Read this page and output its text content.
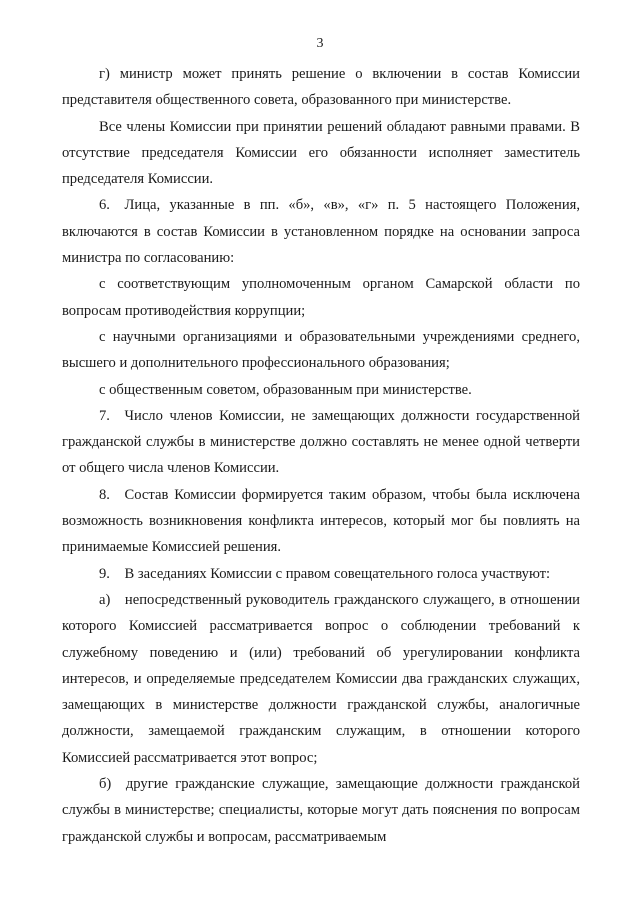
3

г) министр может принять решение о включении в состав Комиссии представителя общественного совета, образованного при министерстве.

Все члены Комиссии при принятии решений обладают равными правами. В отсутствие председателя Комиссии его обязанности исполняет заместитель председателя Комиссии.

6. Лица, указанные в пп. «б», «в», «г» п. 5 настоящего Положения, включаются в состав Комиссии в установленном порядке на основании запроса министра по согласованию:

с соответствующим уполномоченным органом Самарской области по вопросам противодействия коррупции;

с научными организациями и образовательными учреждениями среднего, высшего и дополнительного профессионального образования;

с общественным советом, образованным при министерстве.

7. Число членов Комиссии, не замещающих должности государственной гражданской службы в министерстве должно составлять не менее одной четверти от общего числа членов Комиссии.

8. Состав Комиссии формируется таким образом, чтобы была исключена возможность возникновения конфликта интересов, который мог бы повлиять на принимаемые Комиссией решения.

9. В заседаниях Комиссии с правом совещательного голоса участвуют:

а) непосредственный руководитель гражданского служащего, в отношении которого Комиссией рассматривается вопрос о соблюдении требований к служебному поведению и (или) требований об урегулировании конфликта интересов, и определяемые председателем Комиссии два гражданских служащих, замещающих в министерстве должности гражданской службы, аналогичные должности, замещаемой гражданским служащим, в отношении которого Комиссией рассматривается этот вопрос;

б) другие гражданские служащие, замещающие должности гражданской службы в министерстве; специалисты, которые могут дать пояснения по вопросам гражданской службы и вопросам, рассматриваемым
